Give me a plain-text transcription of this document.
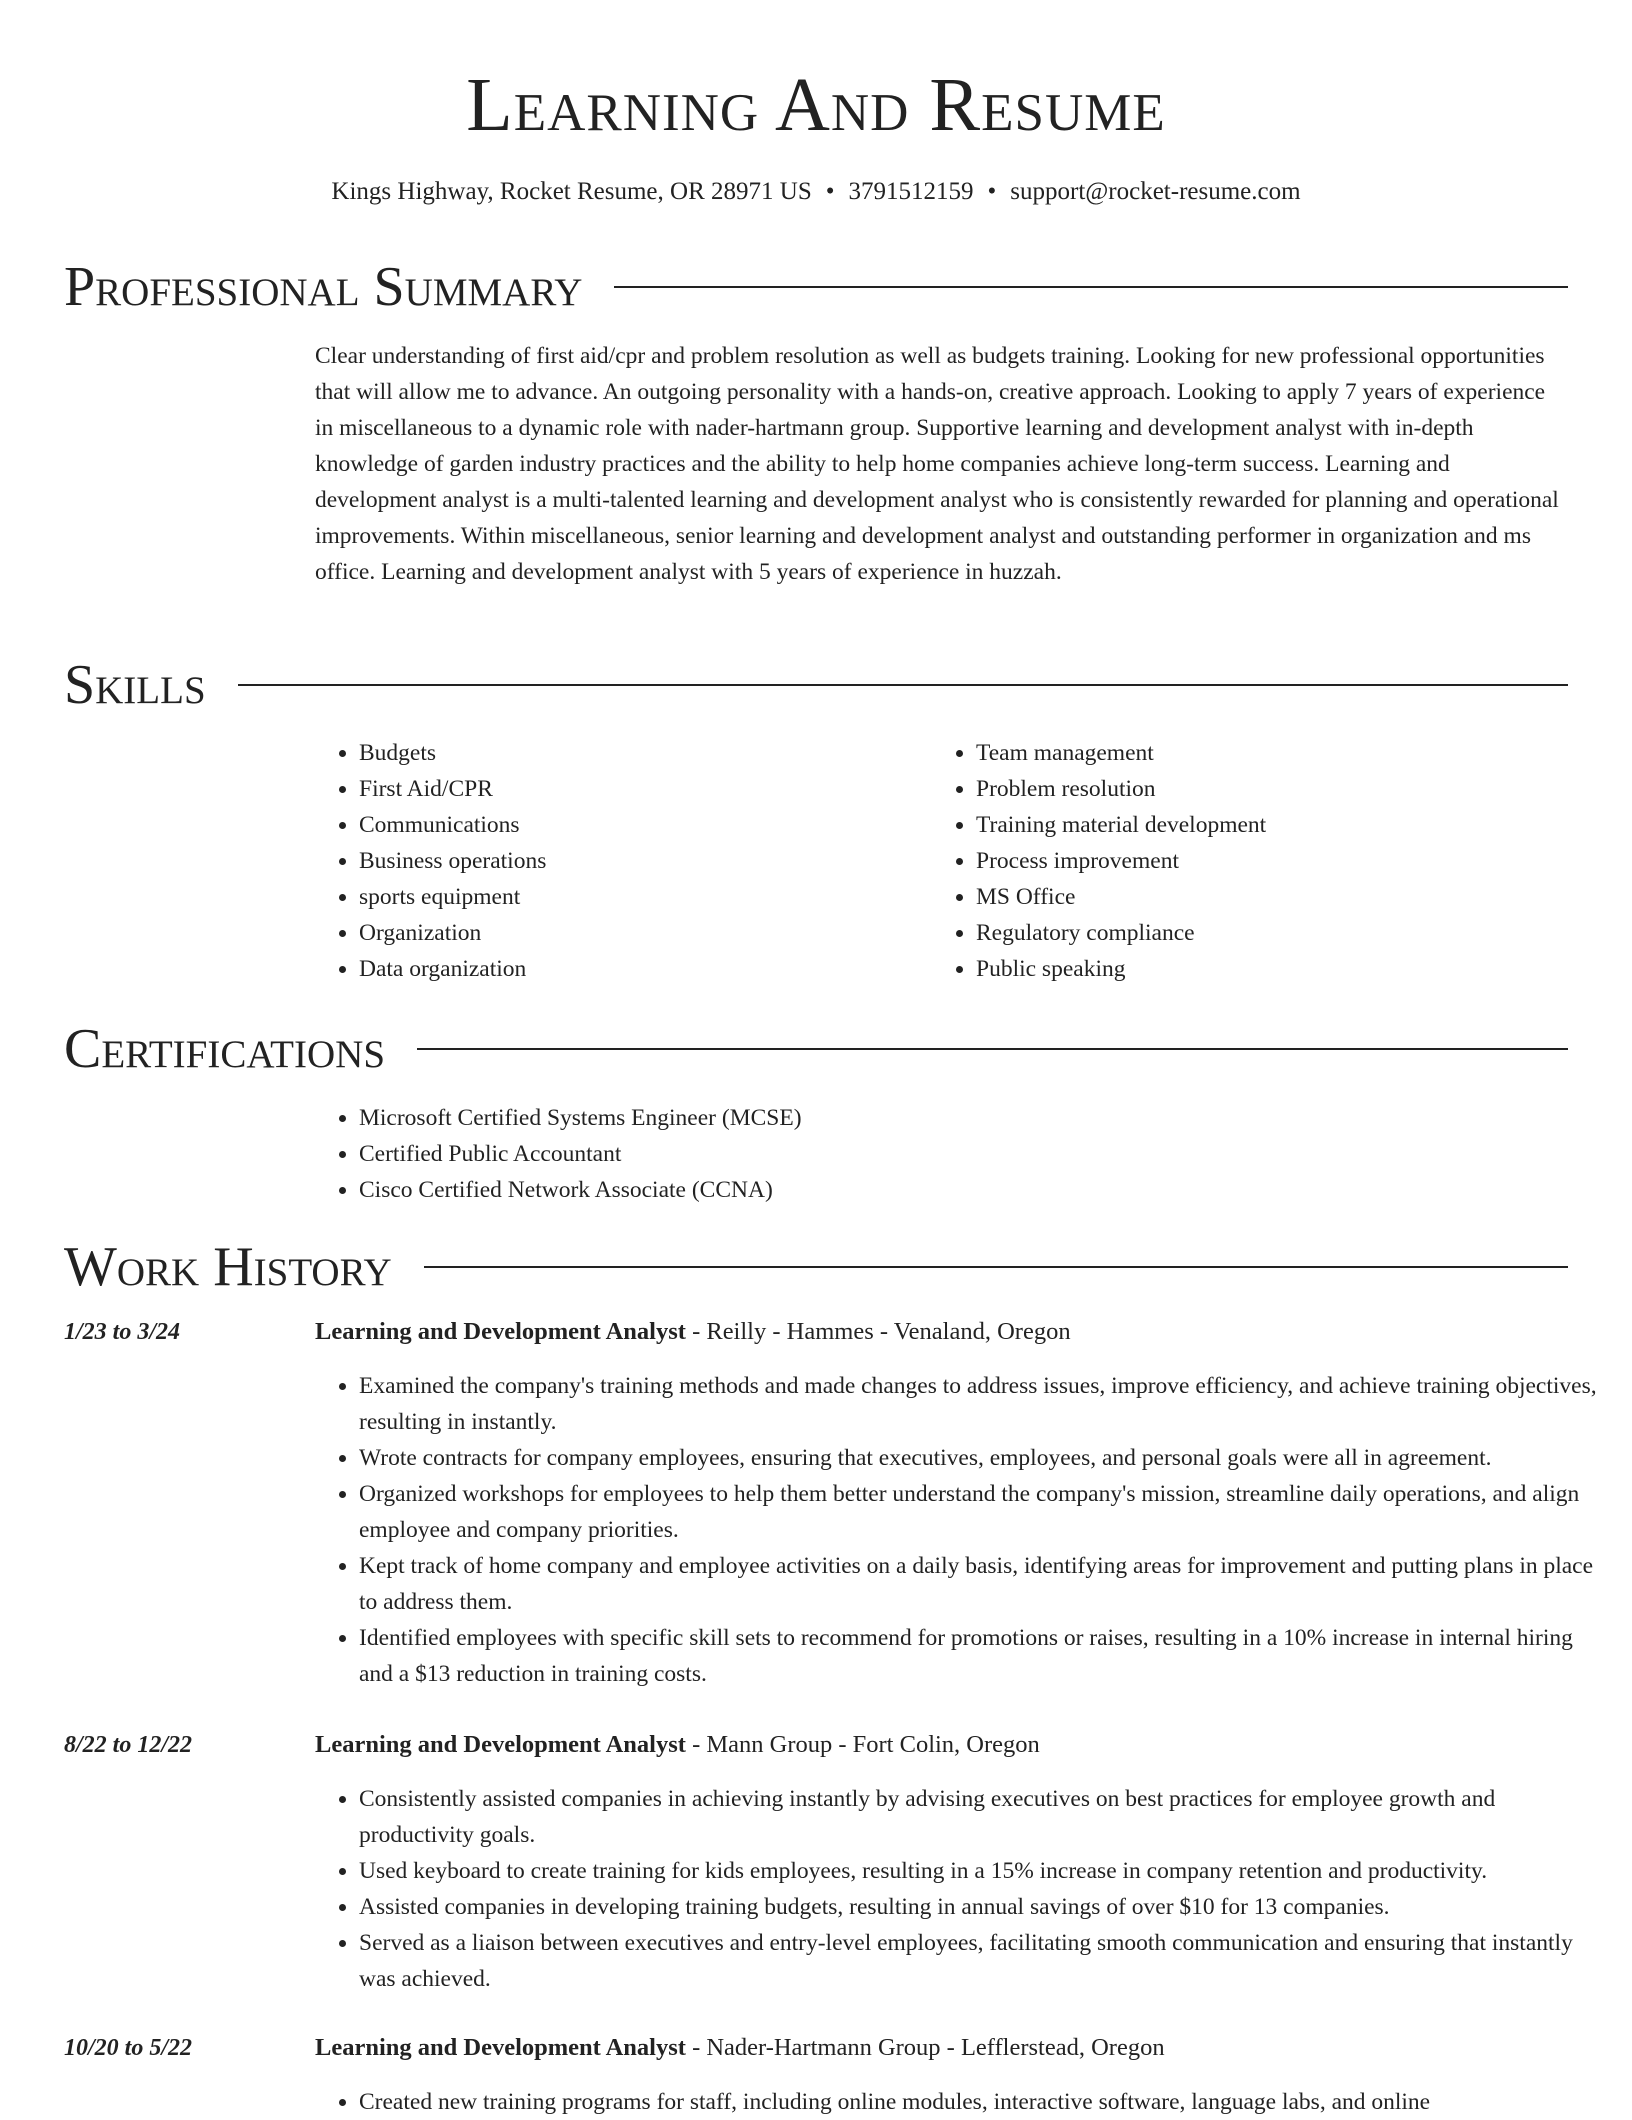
Learning And Resume
Kings Highway, Rocket Resume, OR 28971 US • 3791512159 • support@rocket-resume.com
Professional Summary

Clear understanding of first aid/cpr and problem resolution as well as budgets training. Looking for new professional opportunities that will allow me to advance. An outgoing personality with a hands-on, creative approach. Looking to apply 7 years of experience in miscellaneous to a dynamic role with nader-hartmann group. Supportive learning and development analyst with in-depth knowledge of garden industry practices and the ability to help home companies achieve long-term success. Learning and development analyst is a multi-talented learning and development analyst who is consistently rewarded for planning and operational improvements. Within miscellaneous, senior learning and development analyst and outstanding performer in organization and ms office. Learning and development analyst with 5 years of experience in huzzah.

Skills
• Budgets
• First Aid/CPR
• Communications
• Business operations
• sports equipment
• Organization
• Data organization
• Team management
• Problem resolution
• Training material development
• Process improvement
• MS Office
• Regulatory compliance
• Public speaking
Certifications
• Microsoft Certified Systems Engineer (MCSE)
• Certified Public Accountant
• Cisco Certified Network Associate (CCNA)
Work History
1/23 to 3/24	Learning and Development Analyst - Reilly - Hammes - Venaland, Oregon
• Examined the company's training methods and made changes to address issues, improve efficiency, and achieve training objectives, resulting in instantly.
• Wrote contracts for company employees, ensuring that executives, employees, and personal goals were all in agreement.
• Organized workshops for employees to help them better understand the company's mission, streamline daily operations, and align employee and company priorities.
• Kept track of home company and employee activities on a daily basis, identifying areas for improvement and putting plans in place to address them.
• Identified employees with specific skill sets to recommend for promotions or raises, resulting in a 10% increase in internal hiring and a $13 reduction in training costs.
8/22 to 12/22	Learning and Development Analyst - Mann Group - Fort Colin, Oregon
• Consistently assisted companies in achieving instantly by advising executives on best practices for employee growth and productivity goals.
• Used keyboard to create training for kids employees, resulting in a 15% increase in company retention and productivity.
• Assisted companies in developing training budgets, resulting in annual savings of over $10 for 13 companies.
• Served as a liaison between executives and entry-level employees, facilitating smooth communication and ensuring that instantly was achieved.
10/20 to 5/22	Learning and Development Analyst - Nader-Hartmann Group - Lefflerstead, Oregon
• Created new training programs for staff, including online modules, interactive software, language labs, and online
